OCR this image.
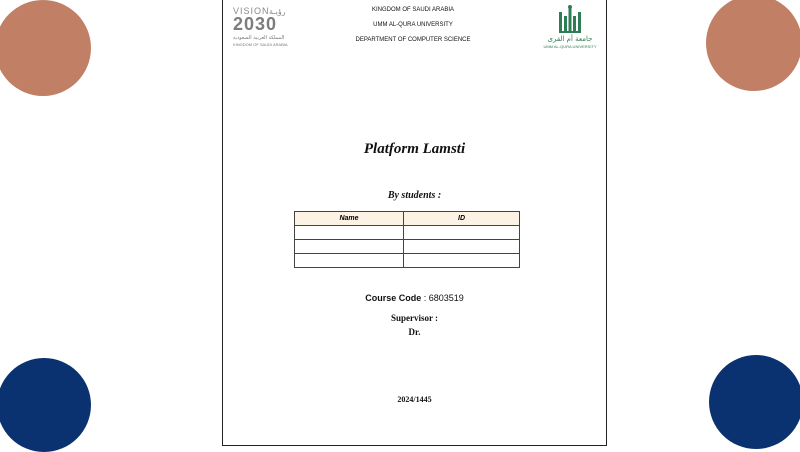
VISION رؤيـة
2030
المملكة العربية السعودية
KINGDOM OF SAUDI ARABIA
KINGDOM OF SAUDI ARABIA
UMM AL-QURA UNIVERSITY
DEPARTMENT OF COMPUTER SCIENCE	جامعة أم القرى
UMM AL-QURA UNIVERSITY
Platform Lamsti
By students :
Name	ID

Course Code : 6803519
Supervisor :
Dr.
2024/1445
